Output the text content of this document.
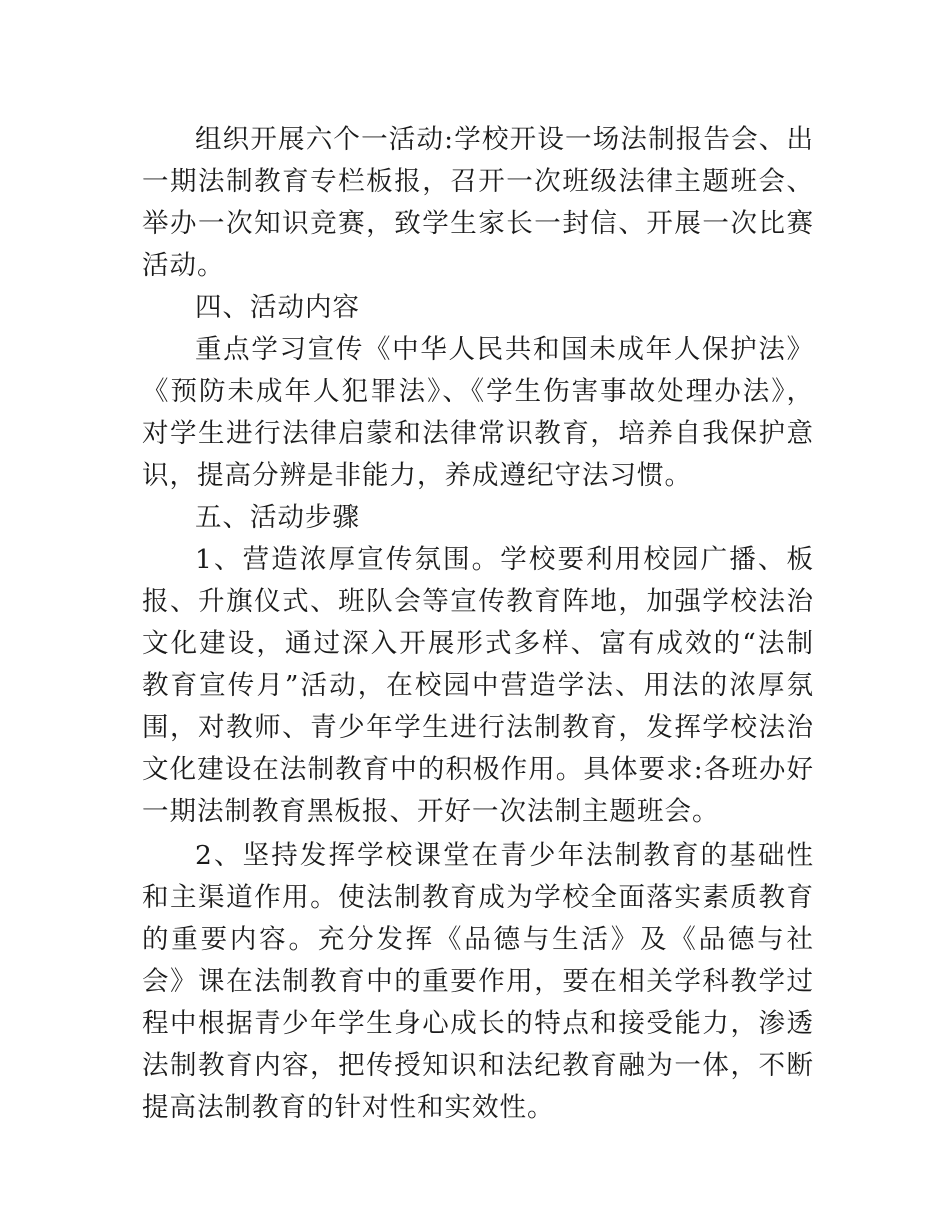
组织开展六个一活动:学校开设一场法制报告会、出一期法制教育专栏板报，召开一次班级法律主题班会、举办一次知识竞赛，致学生家长一封信、开展一次比赛活动。

四、活动内容

重点学习宣传《中华人民共和国未成年人保护法》《预防未成年人犯罪法》、《学生伤害事故处理办法》，对学生进行法律启蒙和法律常识教育，培养自我保护意识，提高分辨是非能力，养成遵纪守法习惯。

五、活动步骤

1、营造浓厚宣传氛围。学校要利用校园广播、板报、升旗仪式、班队会等宣传教育阵地，加强学校法治文化建设，通过深入开展形式多样、富有成效的“法制教育宣传月”活动，在校园中营造学法、用法的浓厚氛围，对教师、青少年学生进行法制教育，发挥学校法治文化建设在法制教育中的积极作用。具体要求:各班办好一期法制教育黑板报、开好一次法制主题班会。

2、坚持发挥学校课堂在青少年法制教育的基础性和主渠道作用。使法制教育成为学校全面落实素质教育的重要内容。充分发挥《品德与生活》及《品德与社会》课在法制教育中的重要作用，要在相关学科教学过程中根据青少年学生身心成长的特点和接受能力，渗透法制教育内容，把传授知识和法纪教育融为一体，不断提高法制教育的针对性和实效性。
